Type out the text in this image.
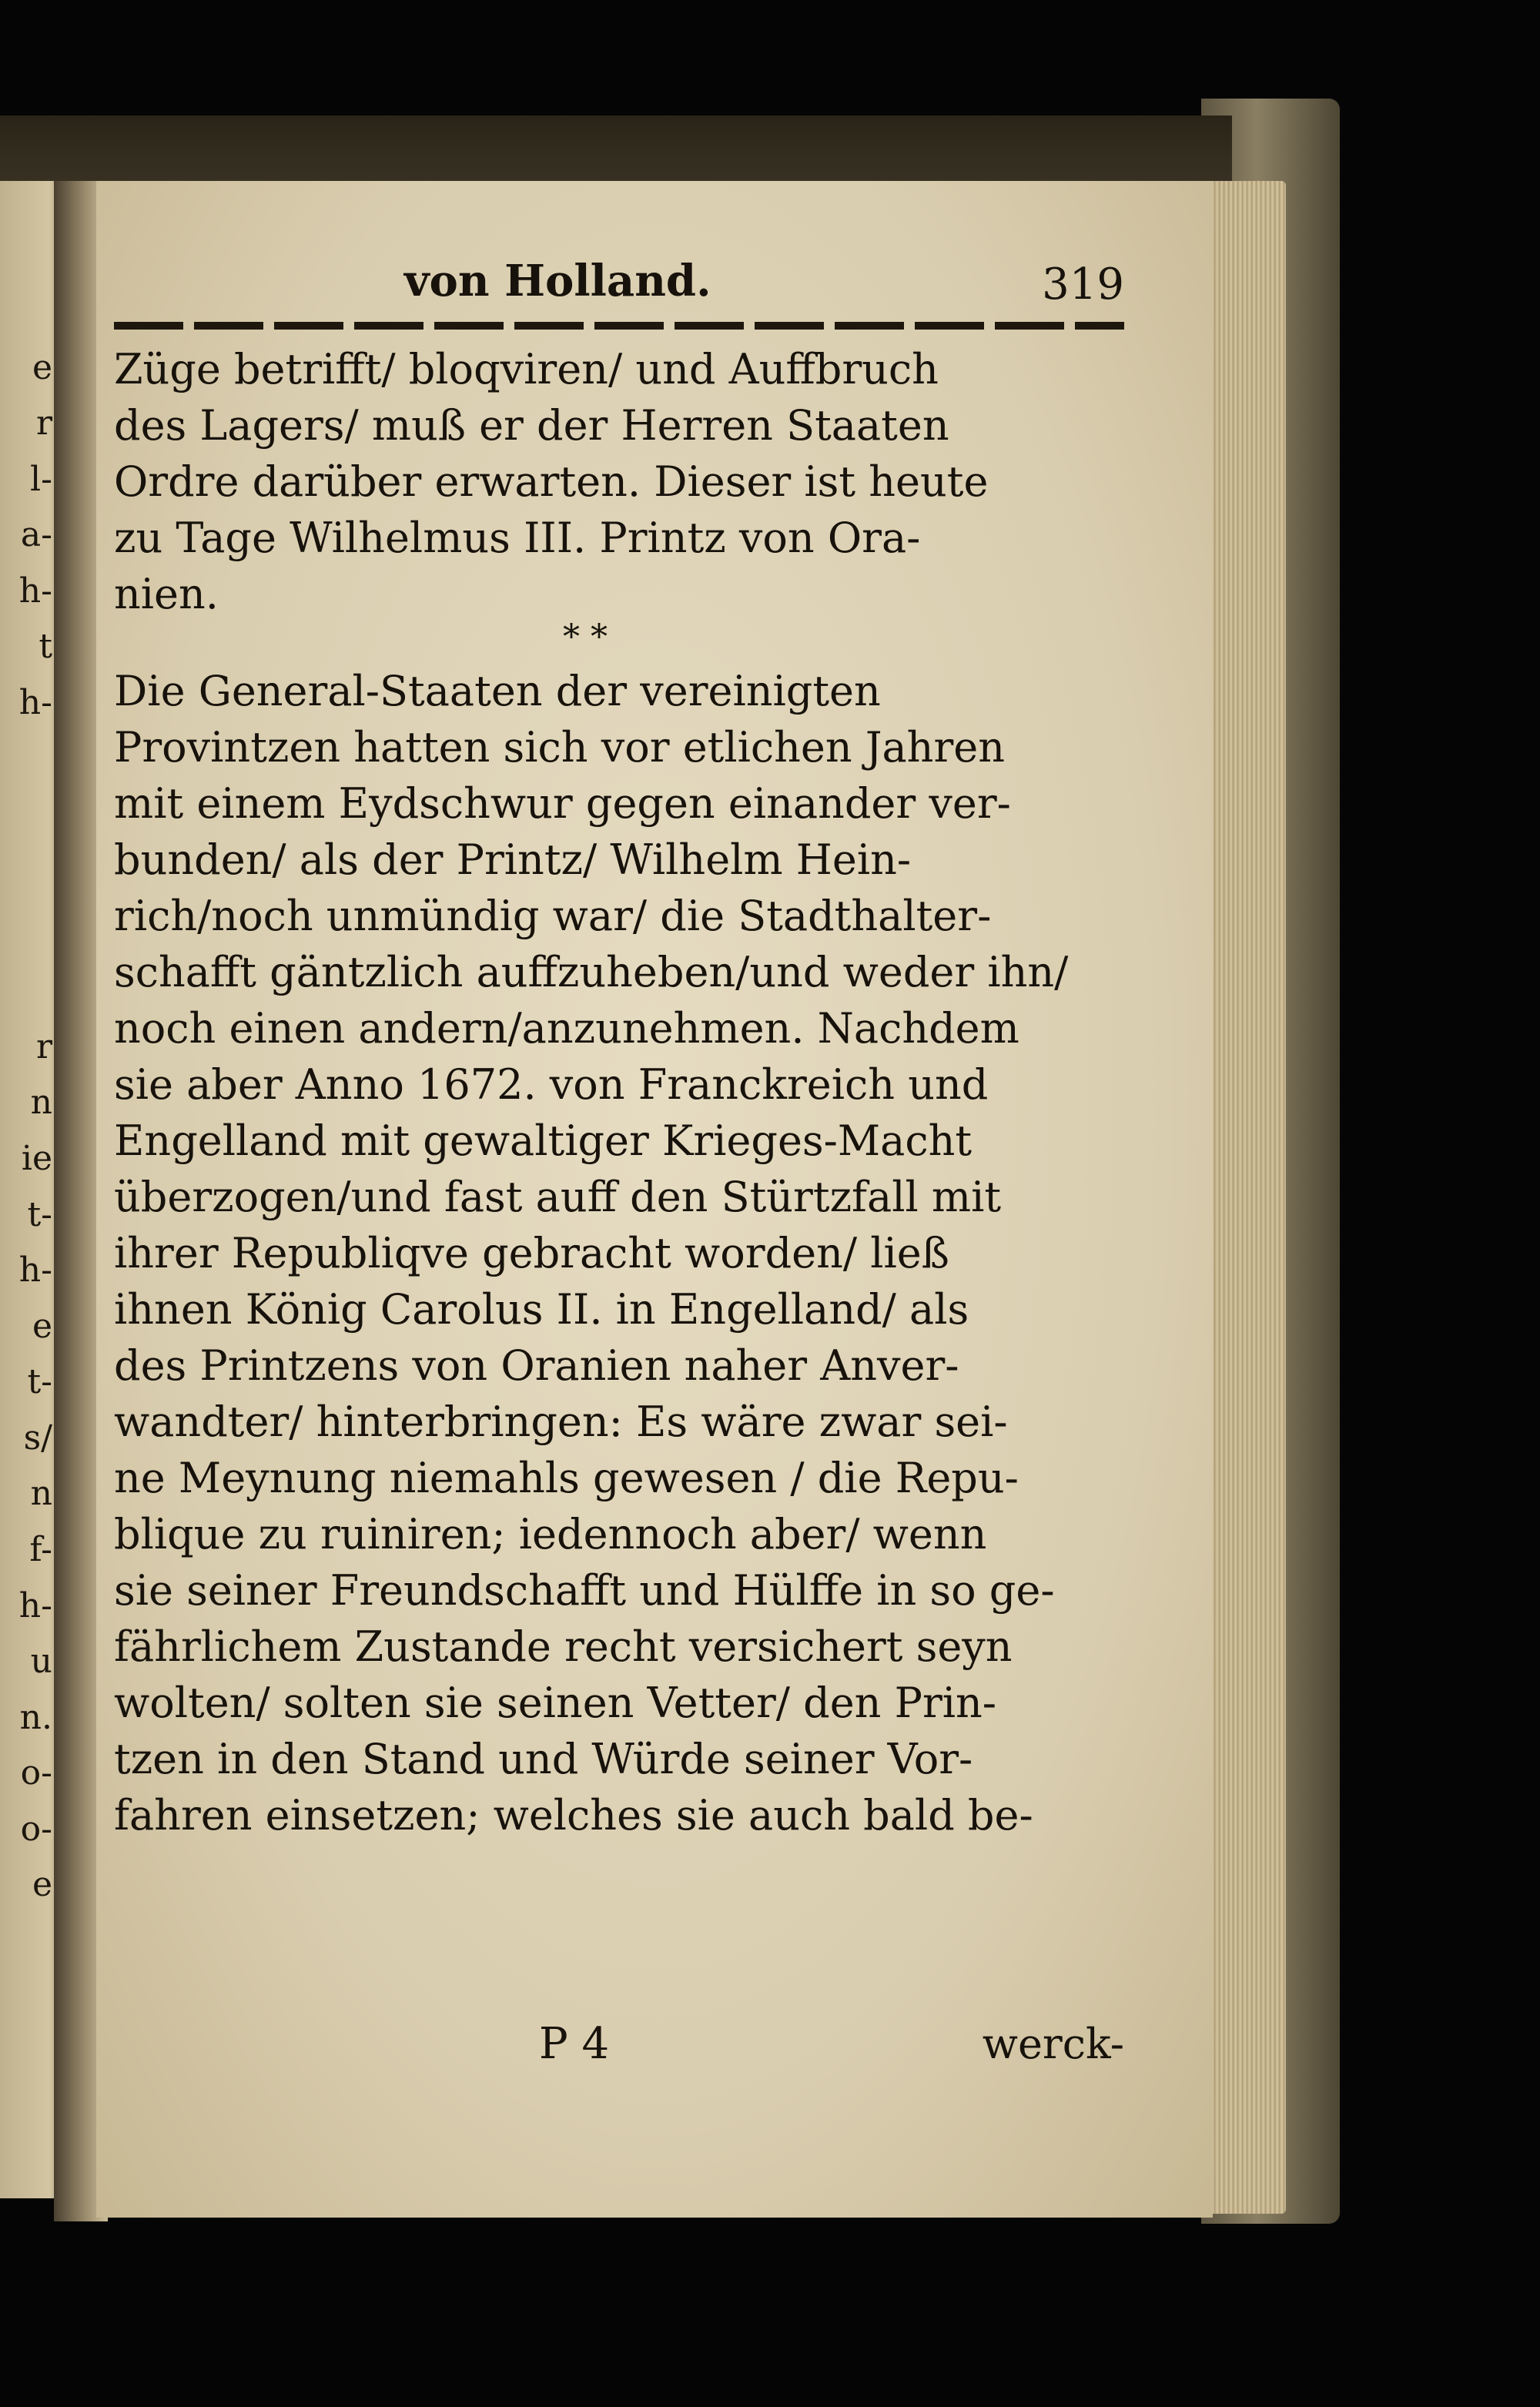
e
r
l-
a-
h-
t
h-
r
n
ie
t-
h-
e
t-
s/
n
f-
h-
u
n.
o-
o-
e
von Holland.	319
Züge betrifft/ bloqviren/ und Auffbruch
des Lagers/ muß er der Herren Staaten
Ordre darüber erwarten. Dieser ist heute
zu Tage Wilhelmus III. Printz von Ora-
nien.
* *
Die General-Staaten der vereinigten
Provintzen hatten sich vor etlichen Jahren
mit einem Eydschwur gegen einander ver-
bunden/ als der Printz/ Wilhelm Hein-
rich/noch unmündig war/ die Stadthalter-
schafft gäntzlich auffzuheben/und weder ihn/
noch einen andern/anzunehmen. Nachdem
sie aber Anno 1672. von Franckreich und
Engelland mit gewaltiger Krieges-Macht
überzogen/und fast auff den Stürtzfall mit
ihrer Republiqve gebracht worden/ ließ
ihnen König Carolus II. in Engelland/ als
des Printzens von Oranien naher Anver-
wandter/ hinterbringen: Es wäre zwar sei-
ne Meynung niemahls gewesen / die Repu-
blique zu ruiniren; iedennoch aber/ wenn
sie seiner Freundschafft und Hülffe in so ge-
fährlichem Zustande recht versichert seyn
wolten/ solten sie seinen Vetter/ den Prin-
tzen in den Stand und Würde seiner Vor-
fahren einsetzen; welches sie auch bald be-
P 4	werck-
